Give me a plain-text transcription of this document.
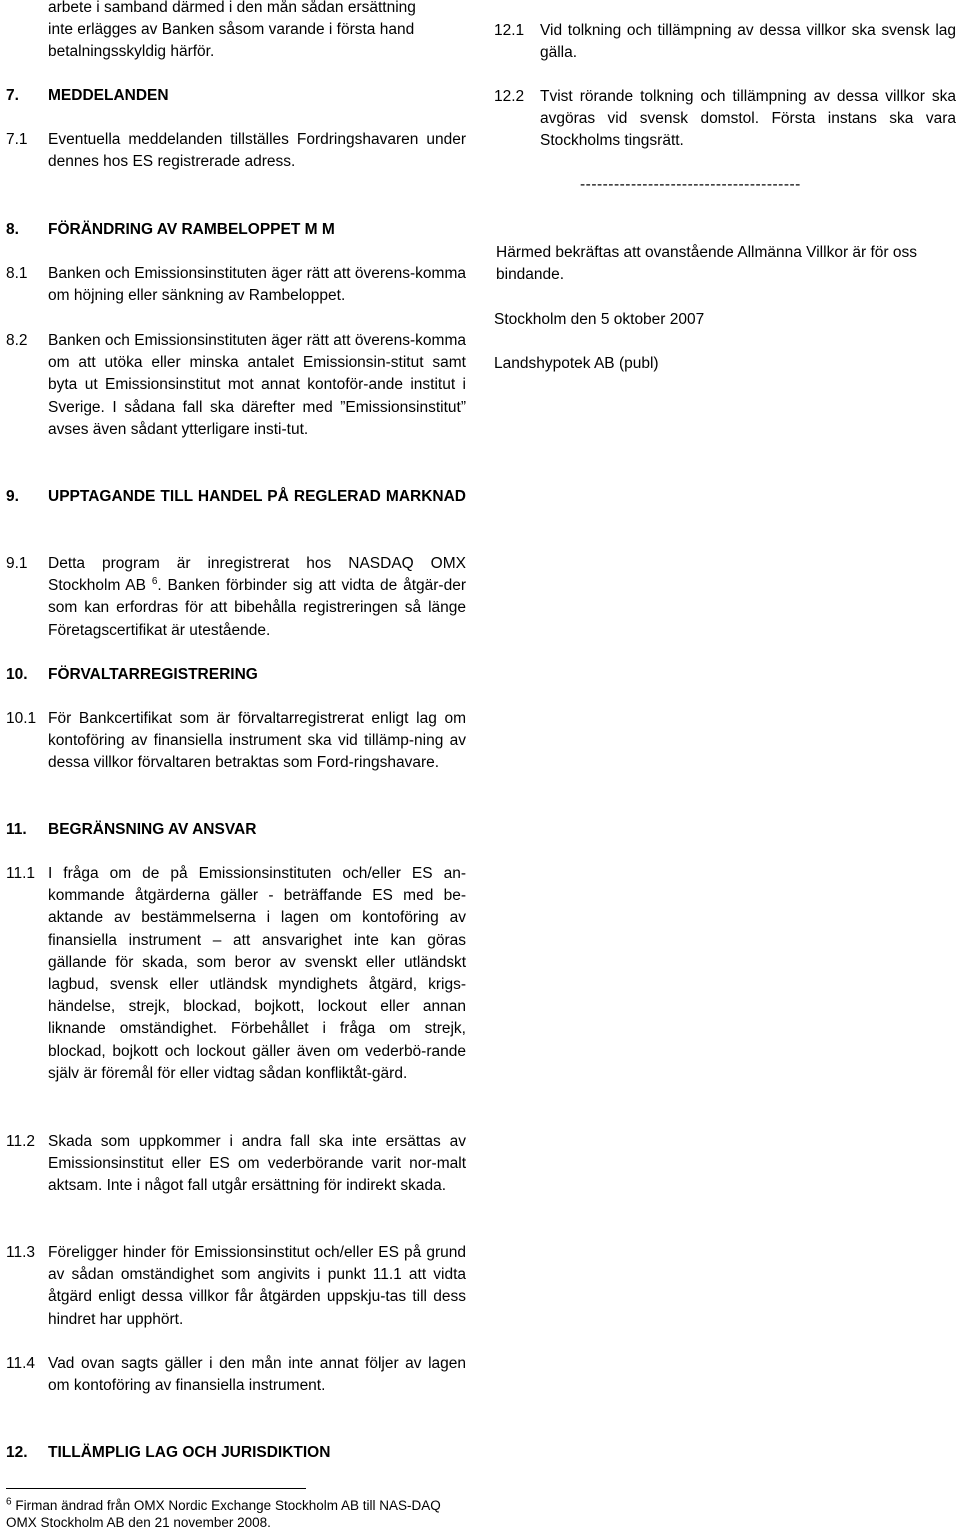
arbete i samband därmed i den mån sådan ersättning
inte erlägges av Banken såsom varande i första hand
betalningsskyldig härför.
7. MEDDELANDEN
7.1 Eventuella meddelanden tillställes Fordringshavaren under dennes hos ES registrerade adress.
8. FÖRÄNDRING AV RAMBELOPPET M M
8.1 Banken och Emissionsinstituten äger rätt att överens-komma om höjning eller sänkning av Rambeloppet.
8.2 Banken och Emissionsinstituten äger rätt att överens-komma om att utöka eller minska antalet Emissionsin-stitut samt byta ut Emissionsinstitut mot annat kontoför-ande institut i Sverige. I sådana fall ska därefter med ”Emissionsinstitut” avses även sådant ytterligare insti-tut.
9. UPPTAGANDE TILL HANDEL PÅ REGLERAD MARKNAD
9.1 Detta program är inregistrerat hos NASDAQ OMX Stockholm AB $^6$. Banken förbinder sig att vidta de åtgär-der som kan erfordras för att bibehålla registreringen så länge Företagscertifikat är utestående.
10. FÖRVALTARREGISTRERING
10.1 För Bankcertifikat som är förvaltarregistrerat enligt lag om kontoföring av finansiella instrument ska vid tillämp-ning av dessa villkor förvaltaren betraktas som Ford-ringshavare.
11. BEGRÄNSNING AV ANSVAR
11.1 I fråga om de på Emissionsinstituten och/eller ES an-kommande åtgärderna gäller - beträffande ES med be-aktande av bestämmelserna i lagen om kontoföring av finansiella instrument – att ansvarighet inte kan göras gällande för skada, som beror av svenskt eller utländskt lagbud, svensk eller utländsk myndighets åtgärd, krigs-händelse, strejk, blockad, bojkott, lockout eller annan liknande omständighet. Förbehållet i fråga om strejk, blockad, bojkott och lockout gäller även om vederbö-rande själv är föremål för eller vidtag sådan konfliktåt-gärd.
11.2 Skada som uppkommer i andra fall ska inte ersättas av Emissionsinstitut eller ES om vederbörande varit nor-malt aktsam. Inte i något fall utgår ersättning för indirekt skada.
11.3 Föreligger hinder för Emissionsinstitut och/eller ES på grund av sådan omständighet som angivits i punkt 11.1 att vidta åtgärd enligt dessa villkor får åtgärden uppskju-tas till dess hindret har upphört.
11.4 Vad ovan sagts gäller i den mån inte annat följer av lagen om kontoföring av finansiella instrument.
12. TILLÄMPLIG LAG OCH JURISDIKTION
12.1 Vid tolkning och tillämpning av dessa villkor ska svensk lag gälla.
12.2 Tvist rörande tolkning och tillämpning av dessa villkor ska avgöras vid svensk domstol. Första instans ska vara Stockholms tingsrätt.
---------------------------------------
Härmed bekräftas att ovanstående Allmänna Villkor är för oss bindande.
Stockholm den 5 oktober 2007
Landshypotek AB (publ)
$^6$ Firman ändrad från OMX Nordic Exchange Stockholm AB till NAS-DAQ OMX Stockholm AB den 21 november 2008.
